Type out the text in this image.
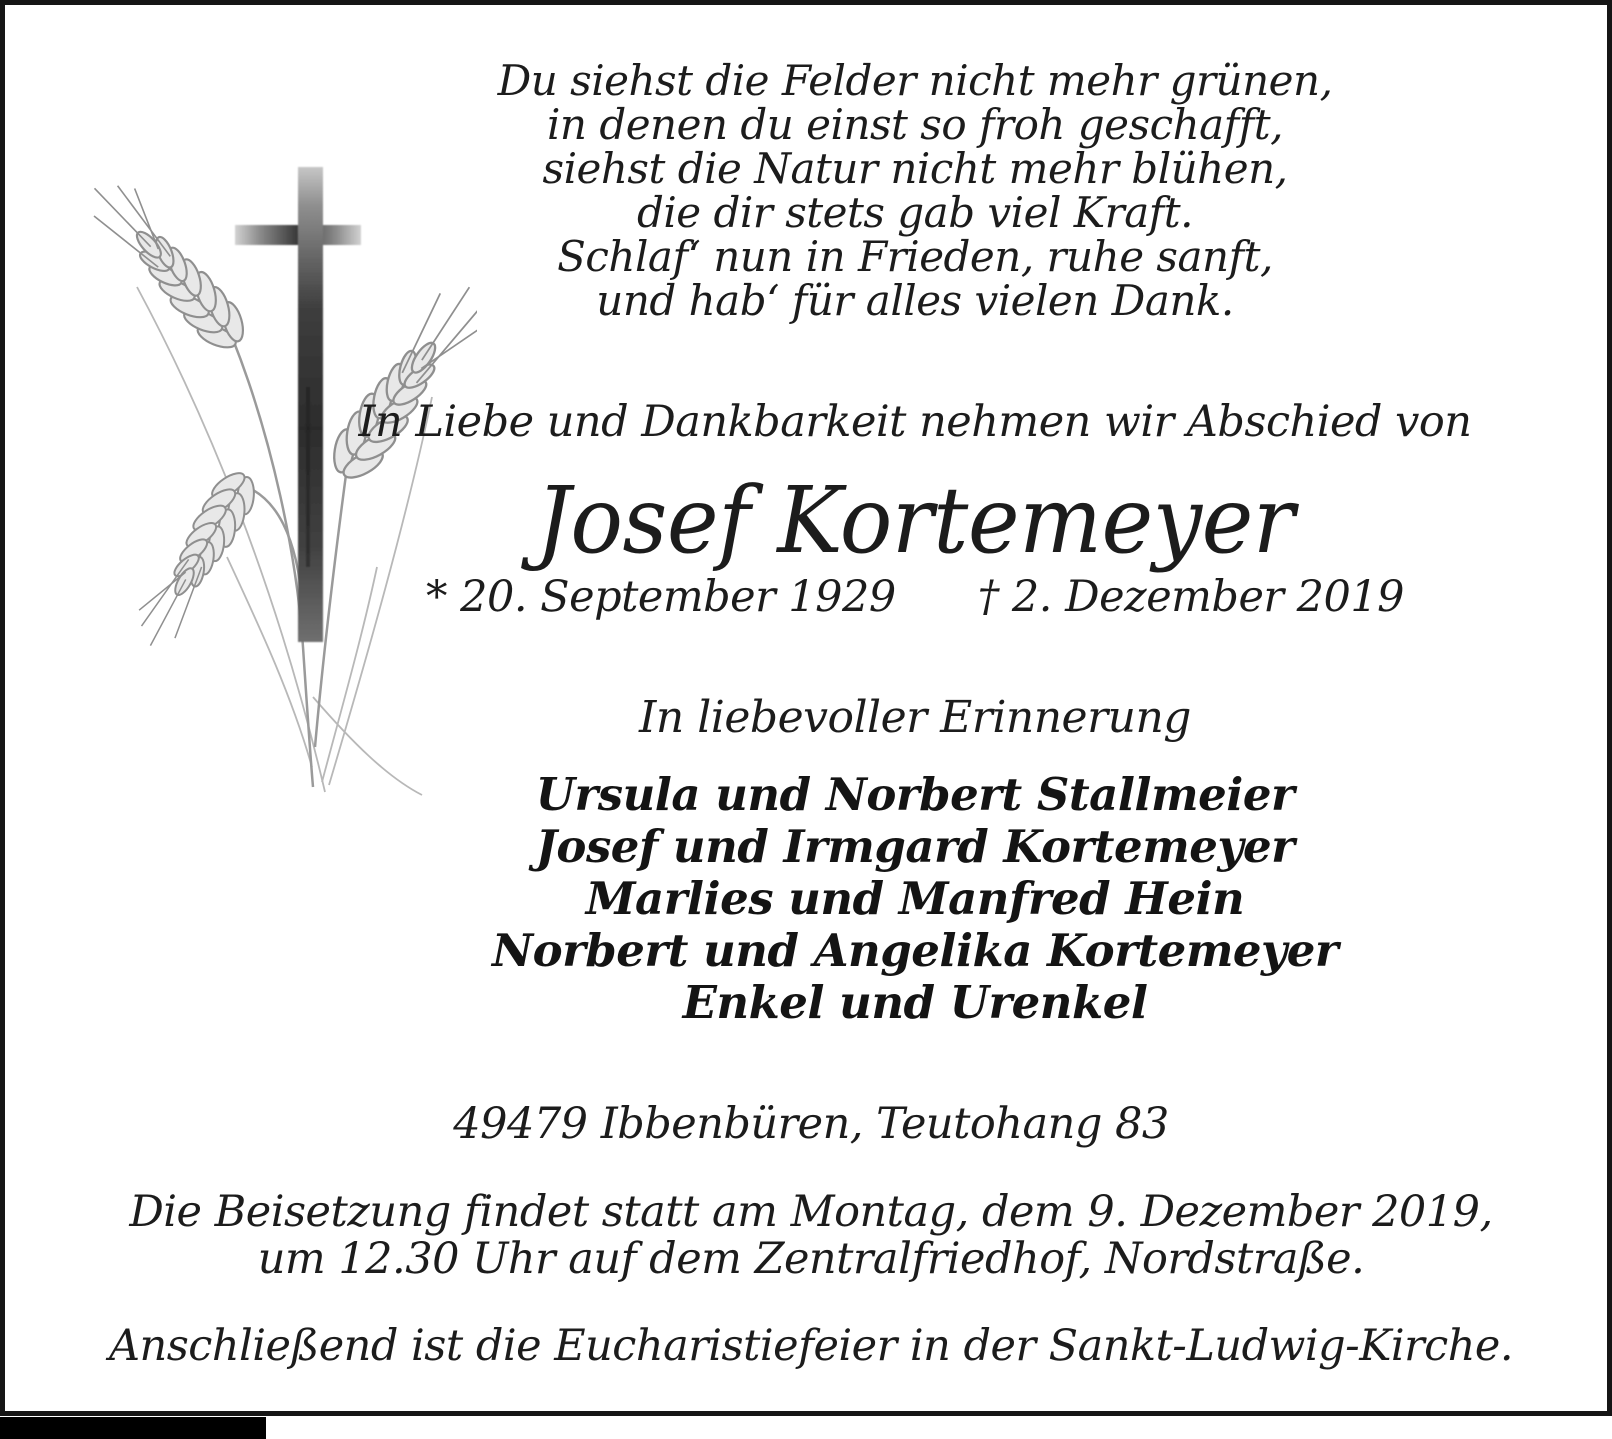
Du siehst die Felder nicht mehr grünen,
in denen du einst so froh geschafft,
siehst die Natur nicht mehr blühen,
die dir stets gab viel Kraft.
Schlaf‘ nun in Frieden, ruhe sanft,
und hab‘ für alles vielen Dank.
In Liebe und Dankbarkeit nehmen wir Abschied von
Josef Kortemeyer
* 20. September 1929 † 2. Dezember 2019
In liebevoller Erinnerung
Ursula und Norbert Stallmeier
Josef und Irmgard Kortemeyer
Marlies und Manfred Hein
Norbert und Angelika Kortemeyer
Enkel und Urenkel
49479 Ibbenbüren, Teutohang 83
Die Beisetzung findet statt am Montag, dem 9. Dezember 2019,
um 12.30 Uhr auf dem Zentralfriedhof, Nordstraße.
Anschließend ist die Eucharistiefeier in der Sankt-Ludwig-Kirche.
